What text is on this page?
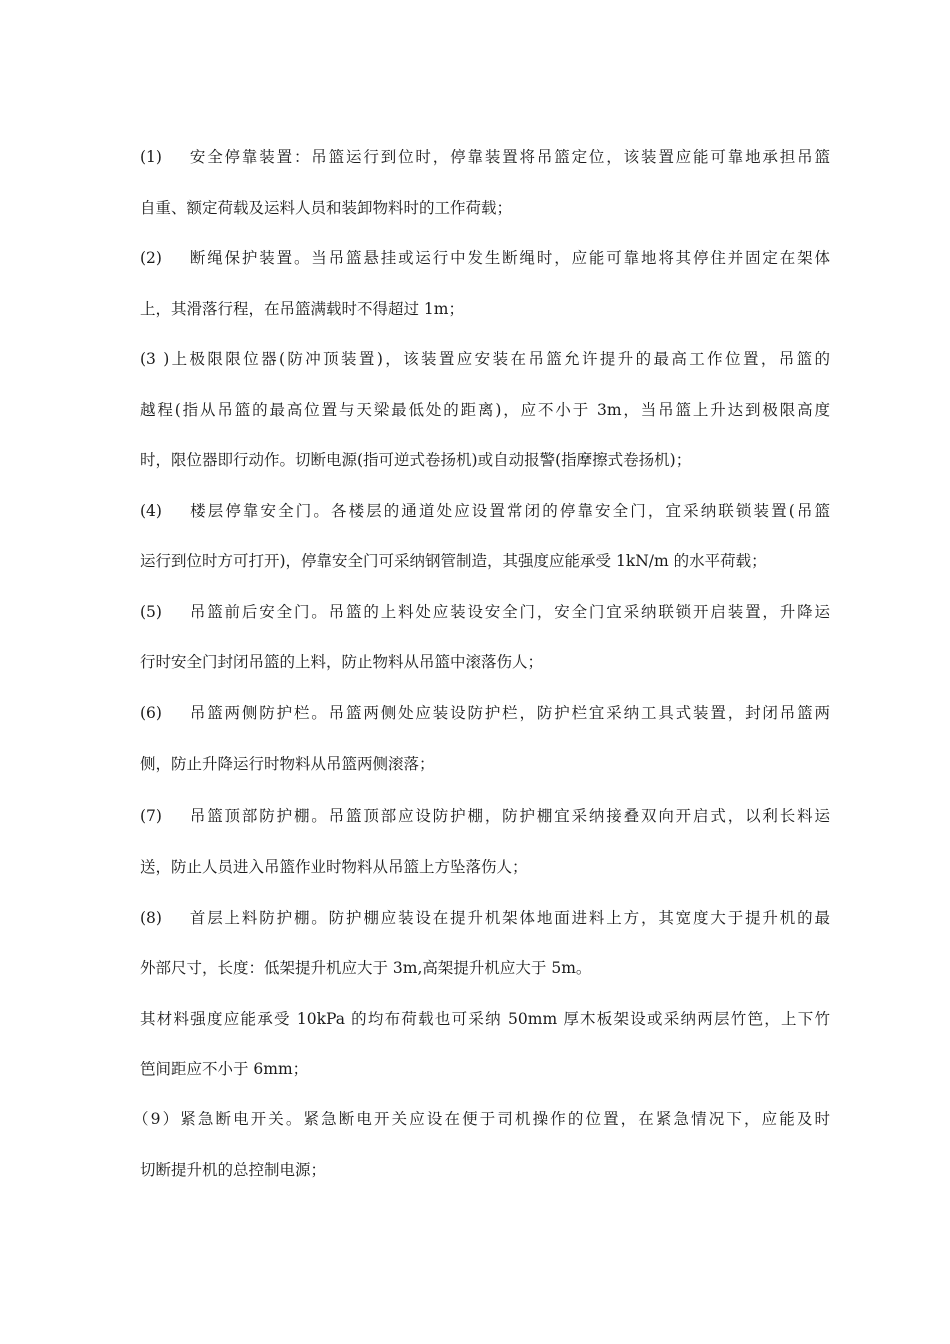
(1) 安全停靠装置：吊篮运行到位时，停靠装置将吊篮定位，该装置应能可靠地承担吊篮
自重、额定荷载及运料人员和装卸物料时的工作荷载；
(2) 断绳保护装置。当吊篮悬挂或运行中发生断绳时，应能可靠地将其停住并固定在架体
上，其滑落行程，在吊篮满载时不得超过 1m；
(3 )上极限限位器(防冲顶装置)，该装置应安装在吊篮允许提升的最高工作位置，吊篮的
越程(指从吊篮的最高位置与天梁最低处的距离)，应不小于 3m，当吊篮上升达到极限高度
时，限位器即行动作。切断电源(指可逆式卷扬机)或自动报警(指摩擦式卷扬机)；
(4) 楼层停靠安全门。各楼层的通道处应设置常闭的停靠安全门，宜采纳联锁装置(吊篮
运行到位时方可打开)，停靠安全门可采纳钢管制造，其强度应能承受 1kN/m 的水平荷载；
(5) 吊篮前后安全门。吊篮的上料处应装设安全门，安全门宜采纳联锁开启装置，升降运
行时安全门封闭吊篮的上料，防止物料从吊篮中滚落伤人；
(6) 吊篮两侧防护栏。吊篮两侧处应装设防护栏，防护栏宜采纳工具式装置，封闭吊篮两
侧，防止升降运行时物料从吊篮两侧滚落；
(7) 吊篮顶部防护棚。吊篮顶部应设防护棚，防护棚宜采纳接叠双向开启式，以利长料运
送，防止人员进入吊篮作业时物料从吊篮上方坠落伤人；
(8) 首层上料防护棚。防护棚应装设在提升机架体地面进料上方，其宽度大于提升机的最
外部尺寸，长度：低架提升机应大于 3m,高架提升机应大于 5m。
其材料强度应能承受 10kPa 的均布荷载也可采纳 50mm 厚木板架设或采纳两层竹笆，上下竹
笆间距应不小于 6mm；
（9）紧急断电开关。紧急断电开关应设在便于司机操作的位置，在紧急情况下，应能及时
切断提升机的总控制电源；
